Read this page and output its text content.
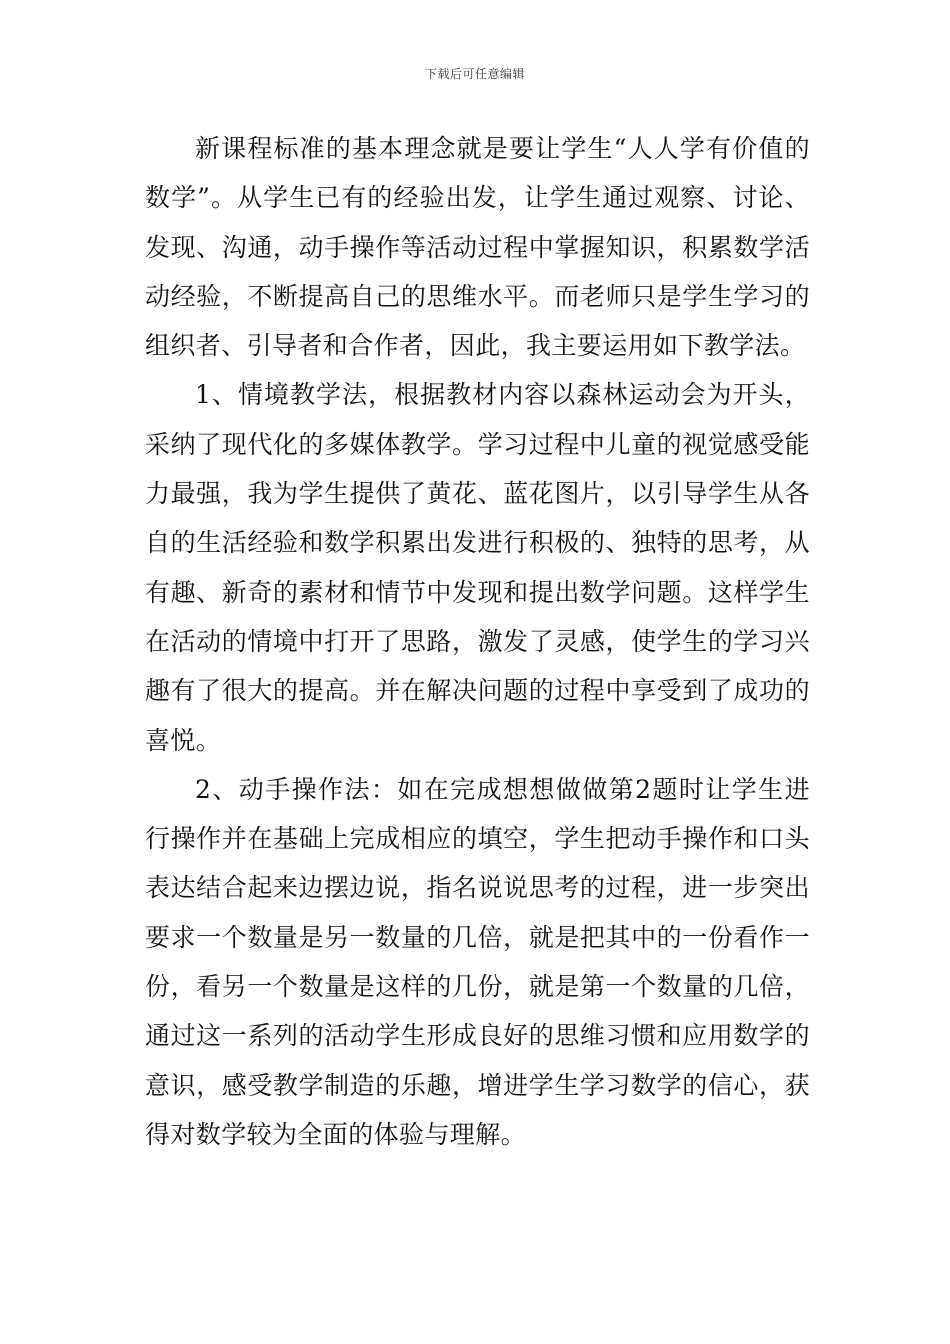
下载后可任意编辑

新课程标准的基本理念就是要让学生“人人学有价值的数学”。从学生已有的经验出发，让学生通过观察、讨论、发现、沟通，动手操作等活动过程中掌握知识，积累数学活动经验，不断提高自己的思维水平。而老师只是学生学习的组织者、引导者和合作者，因此，我主要运用如下教学法。

1、情境教学法，根据教材内容以森林运动会为开头，采纳了现代化的多媒体教学。学习过程中儿童的视觉感受能力最强，我为学生提供了黄花、蓝花图片，以引导学生从各自的生活经验和数学积累出发进行积极的、独特的思考，从有趣、新奇的素材和情节中发现和提出数学问题。这样学生在活动的情境中打开了思路，激发了灵感，使学生的学习兴趣有了很大的提高。并在解决问题的过程中享受到了成功的喜悦。

2、动手操作法：如在完成想想做做第2题时让学生进行操作并在基础上完成相应的填空，学生把动手操作和口头表达结合起来边摆边说，指名说说思考的过程，进一步突出要求一个数量是另一数量的几倍，就是把其中的一份看作一份，看另一个数量是这样的几份，就是第一个数量的几倍，通过这一系列的活动学生形成良好的思维习惯和应用数学的意识，感受教学制造的乐趣，增进学生学习数学的信心，获得对数学较为全面的体验与理解。
